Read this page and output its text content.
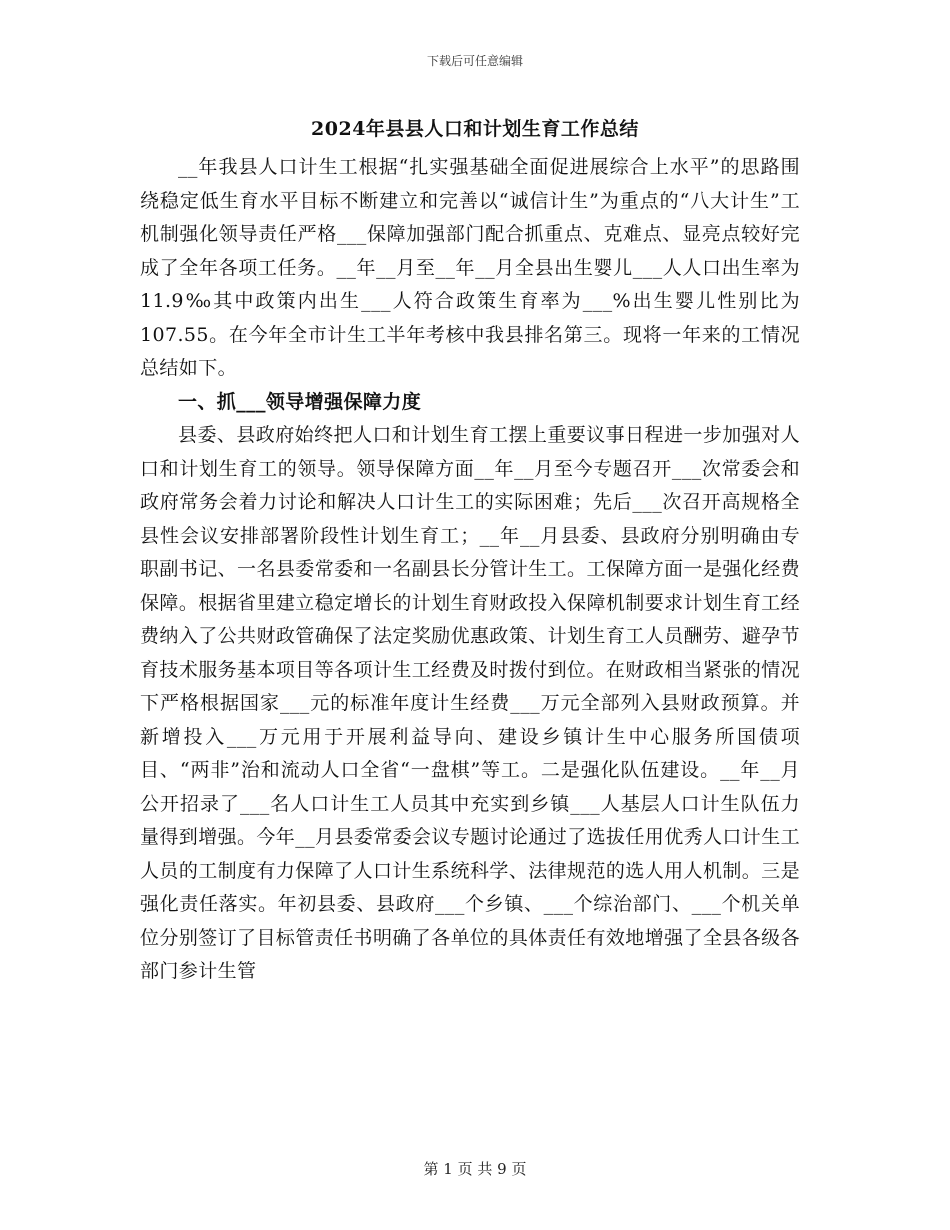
下载后可任意编辑
2024年县县人口和计划生育工作总结

__年我县人口计生工根据“扎实强基础全面促进展综合上水平”的思路围绕稳定低生育水平目标不断建立和完善以“诚信计生”为重点的“八大计生”工机制强化领导责任严格___保障加强部门配合抓重点、克难点、显亮点较好完成了全年各项工任务。__年__月至__年__月全县出生婴儿___人人口出生率为11.9‰其中政策内出生___人符合政策生育率为___%出生婴儿性别比为107.55。在今年全市计生工半年考核中我县排名第三。现将一年来的工情况总结如下。

一、抓___领导增强保障力度

县委、县政府始终把人口和计划生育工摆上重要议事日程进一步加强对人口和计划生育工的领导。领导保障方面__年__月至今专题召开___次常委会和政府常务会着力讨论和解决人口计生工的实际困难；先后___次召开高规格全县性会议安排部署阶段性计划生育工；__年__月县委、县政府分别明确由专职副书记、一名县委常委和一名副县长分管计生工。工保障方面一是强化经费保障。根据省里建立稳定增长的计划生育财政投入保障机制要求计划生育工经费纳入了公共财政管确保了法定奖励优惠政策、计划生育工人员酬劳、避孕节育技术服务基本项目等各项计生工经费及时拨付到位。在财政相当紧张的情况下严格根据国家___元的标准年度计生经费___万元全部列入县财政预算。并新增投入___万元用于开展利益导向、建设乡镇计生中心服务所国债项目、“两非”治和流动人口全省“一盘棋”等工。二是强化队伍建设。__年__月公开招录了___名人口计生工人员其中充实到乡镇___人基层人口计生队伍力量得到增强。今年__月县委常委会议专题讨论通过了选拔任用优秀人口计生工人员的工制度有力保障了人口计生系统科学、法律规范的选人用人机制。三是强化责任落实。年初县委、县政府___个乡镇、___个综治部门、___个机关单位分别签订了目标管责任书明确了各单位的具体责任有效地增强了全县各级各部门参计生管

第 1 页 共 9 页
